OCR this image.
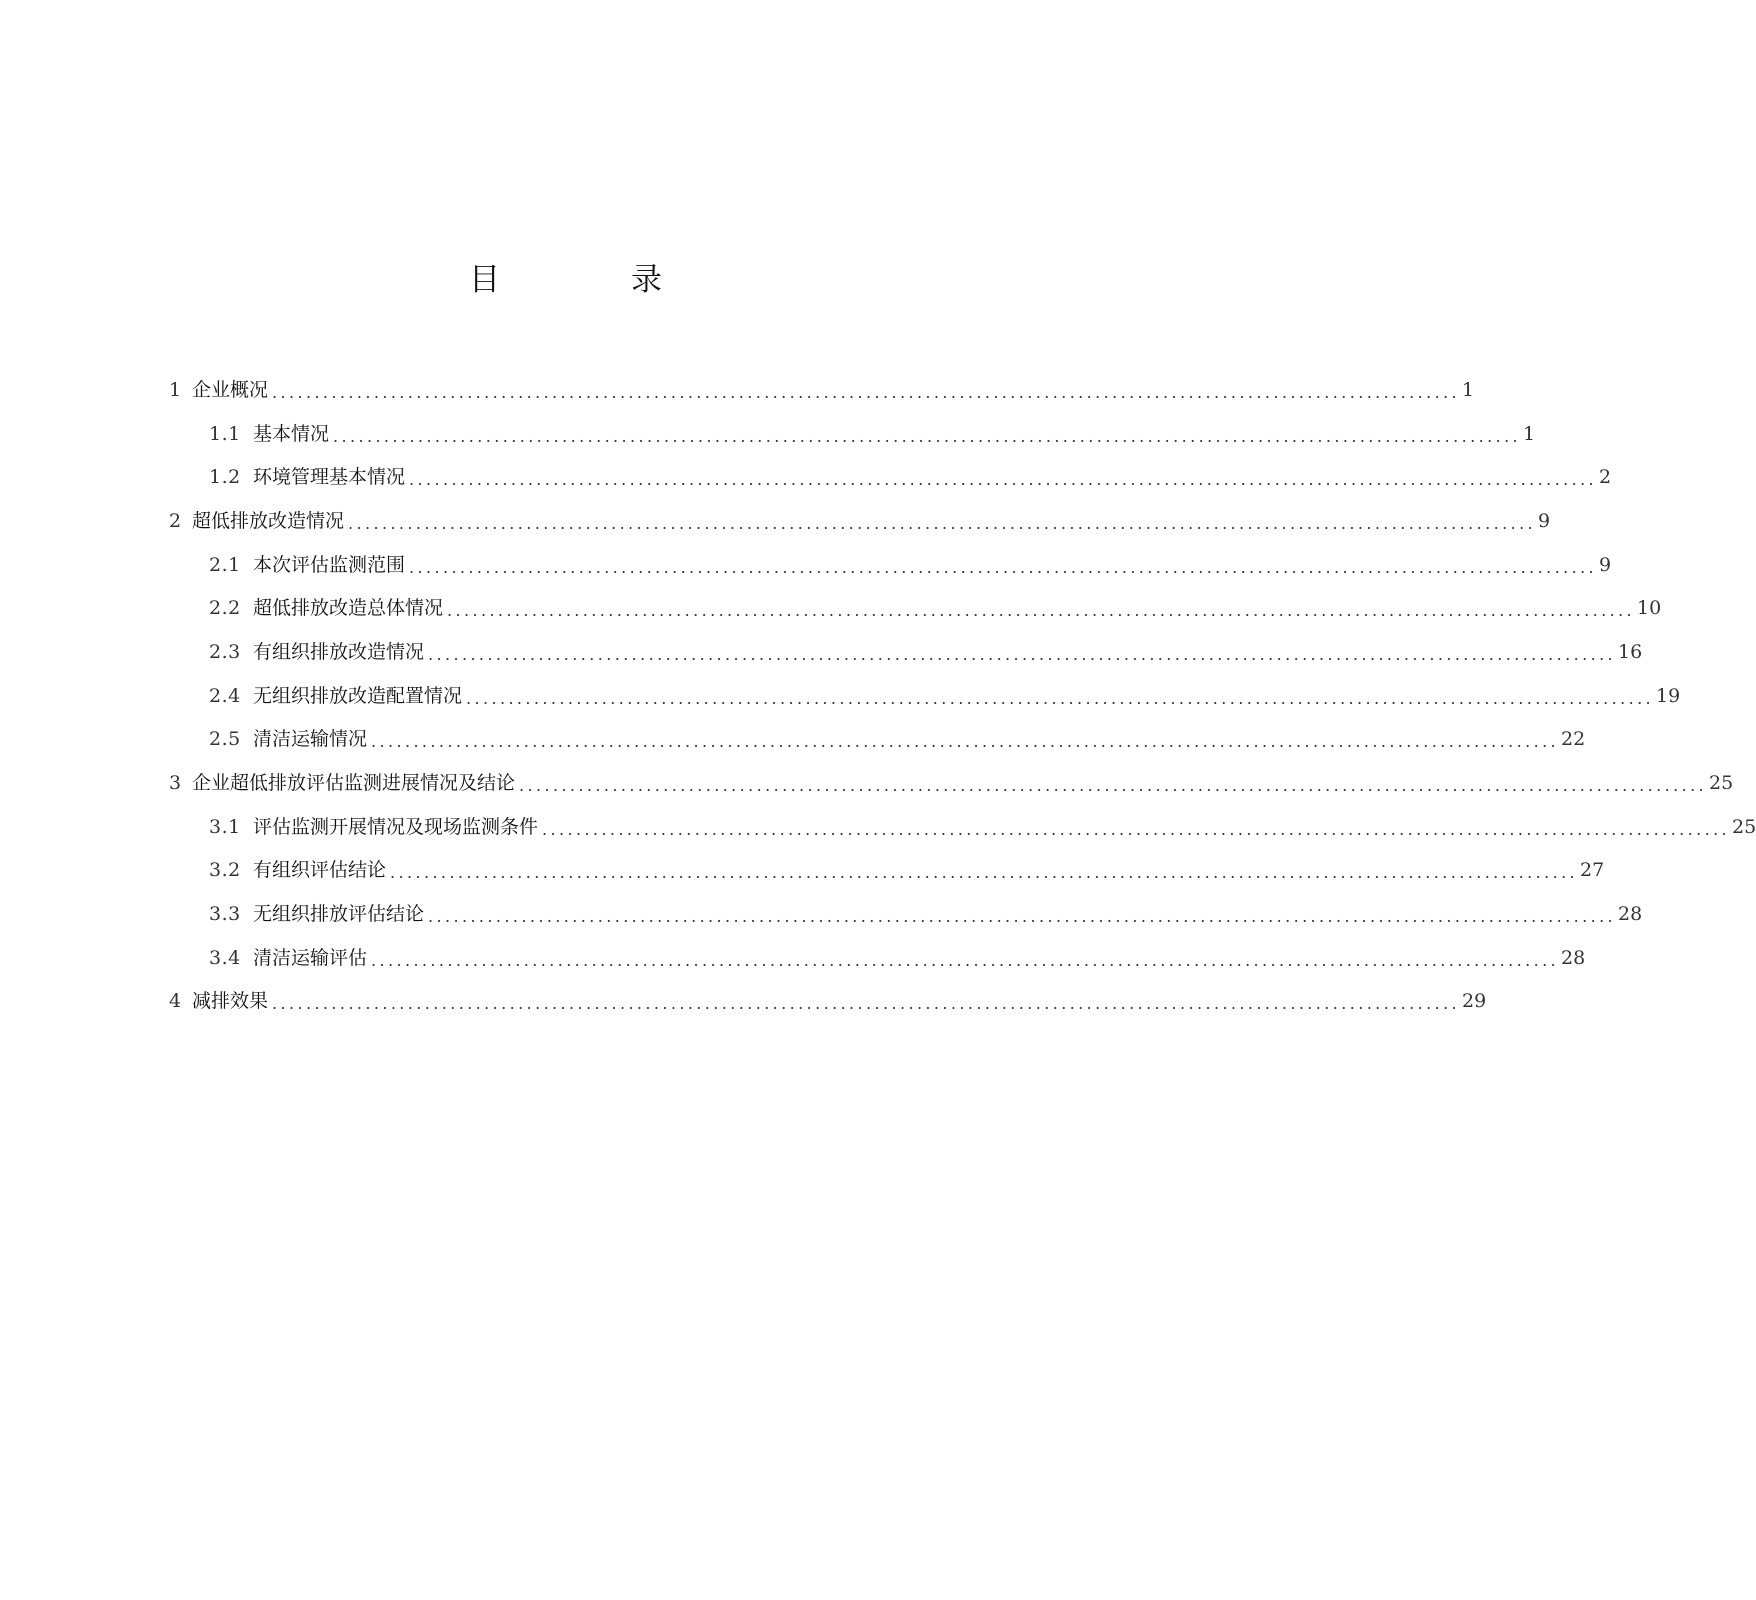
目　录
1 企业概况 ............................................................................................................................................ 1
1.1 基本情况 ............................................................................................................................................ 1
1.2 环境管理基本情况 ............................................................................................................................................ 2
2 超低排放改造情况 ............................................................................................................................................ 9
2.1 本次评估监测范围 ............................................................................................................................................ 9
2.2 超低排放改造总体情况 ............................................................................................................................................ 10
2.3 有组织排放改造情况 ............................................................................................................................................ 16
2.4 无组织排放改造配置情况 ............................................................................................................................................ 19
2.5 清洁运输情况 ............................................................................................................................................ 22
3 企业超低排放评估监测进展情况及结论 ............................................................................................................................................ 25
3.1 评估监测开展情况及现场监测条件 ............................................................................................................................................ 25
3.2 有组织评估结论 ............................................................................................................................................ 27
3.3 无组织排放评估结论 ............................................................................................................................................ 28
3.4 清洁运输评估 ............................................................................................................................................ 28
4 减排效果 ............................................................................................................................................ 29
